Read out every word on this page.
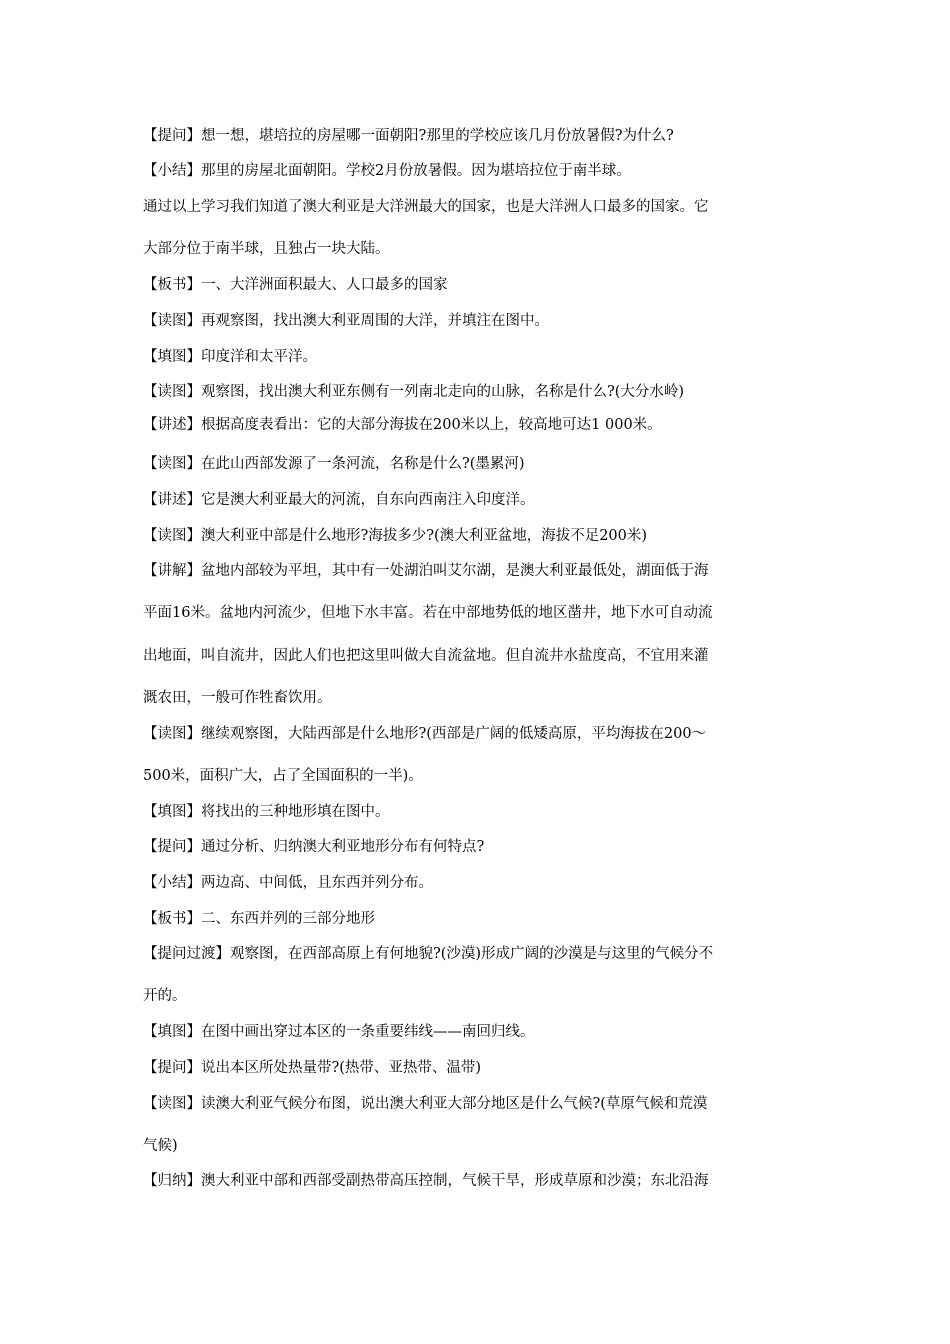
【提问】想一想，堪培拉的房屋哪一面朝阳?那里的学校应该几月份放暑假?为什么?
【小结】那里的房屋北面朝阳。学校2月份放暑假。因为堪培拉位于南半球。
通过以上学习我们知道了澳大利亚是大洋洲最大的国家，也是大洋洲人口最多的国家。它
大部分位于南半球，且独占一块大陆。
【板书】一、大洋洲面积最大、人口最多的国家
【读图】再观察图，找出澳大利亚周围的大洋，并填注在图中。
【填图】印度洋和太平洋。
【读图】观察图，找出澳大利亚东侧有一列南北走向的山脉，名称是什么?(大分水岭)
【讲述】根据高度表看出：它的大部分海拔在200米以上，较高地可达1 000米。
【读图】在此山西部发源了一条河流，名称是什么?(墨累河)
【讲述】它是澳大利亚最大的河流，自东向西南注入印度洋。
【读图】澳大利亚中部是什么地形?海拔多少?(澳大利亚盆地，海拔不足200米)
【讲解】盆地内部较为平坦，其中有一处湖泊叫艾尔湖，是澳大利亚最低处，湖面低于海
平面16米。盆地内河流少，但地下水丰富。若在中部地势低的地区凿井，地下水可自动流
出地面，叫自流井，因此人们也把这里叫做大自流盆地。但自流井水盐度高，不宜用来灌
溉农田，一般可作牲畜饮用。
【读图】继续观察图，大陆西部是什么地形?(西部是广阔的低矮高原，平均海拔在200～
500米，面积广大，占了全国面积的一半)。
【填图】将找出的三种地形填在图中。
【提问】通过分析、归纳澳大利亚地形分布有何特点?
【小结】两边高、中间低，且东西并列分布。
【板书】二、东西并列的三部分地形
【提问过渡】观察图，在西部高原上有何地貌?(沙漠)形成广阔的沙漠是与这里的气候分不
开的。
【填图】在图中画出穿过本区的一条重要纬线——南回归线。
【提问】说出本区所处热量带?(热带、亚热带、温带)
【读图】读澳大利亚气候分布图，说出澳大利亚大部分地区是什么气候?(草原气候和荒漠
气候)
【归纳】澳大利亚中部和西部受副热带高压控制，气候干旱，形成草原和沙漠；东北沿海
